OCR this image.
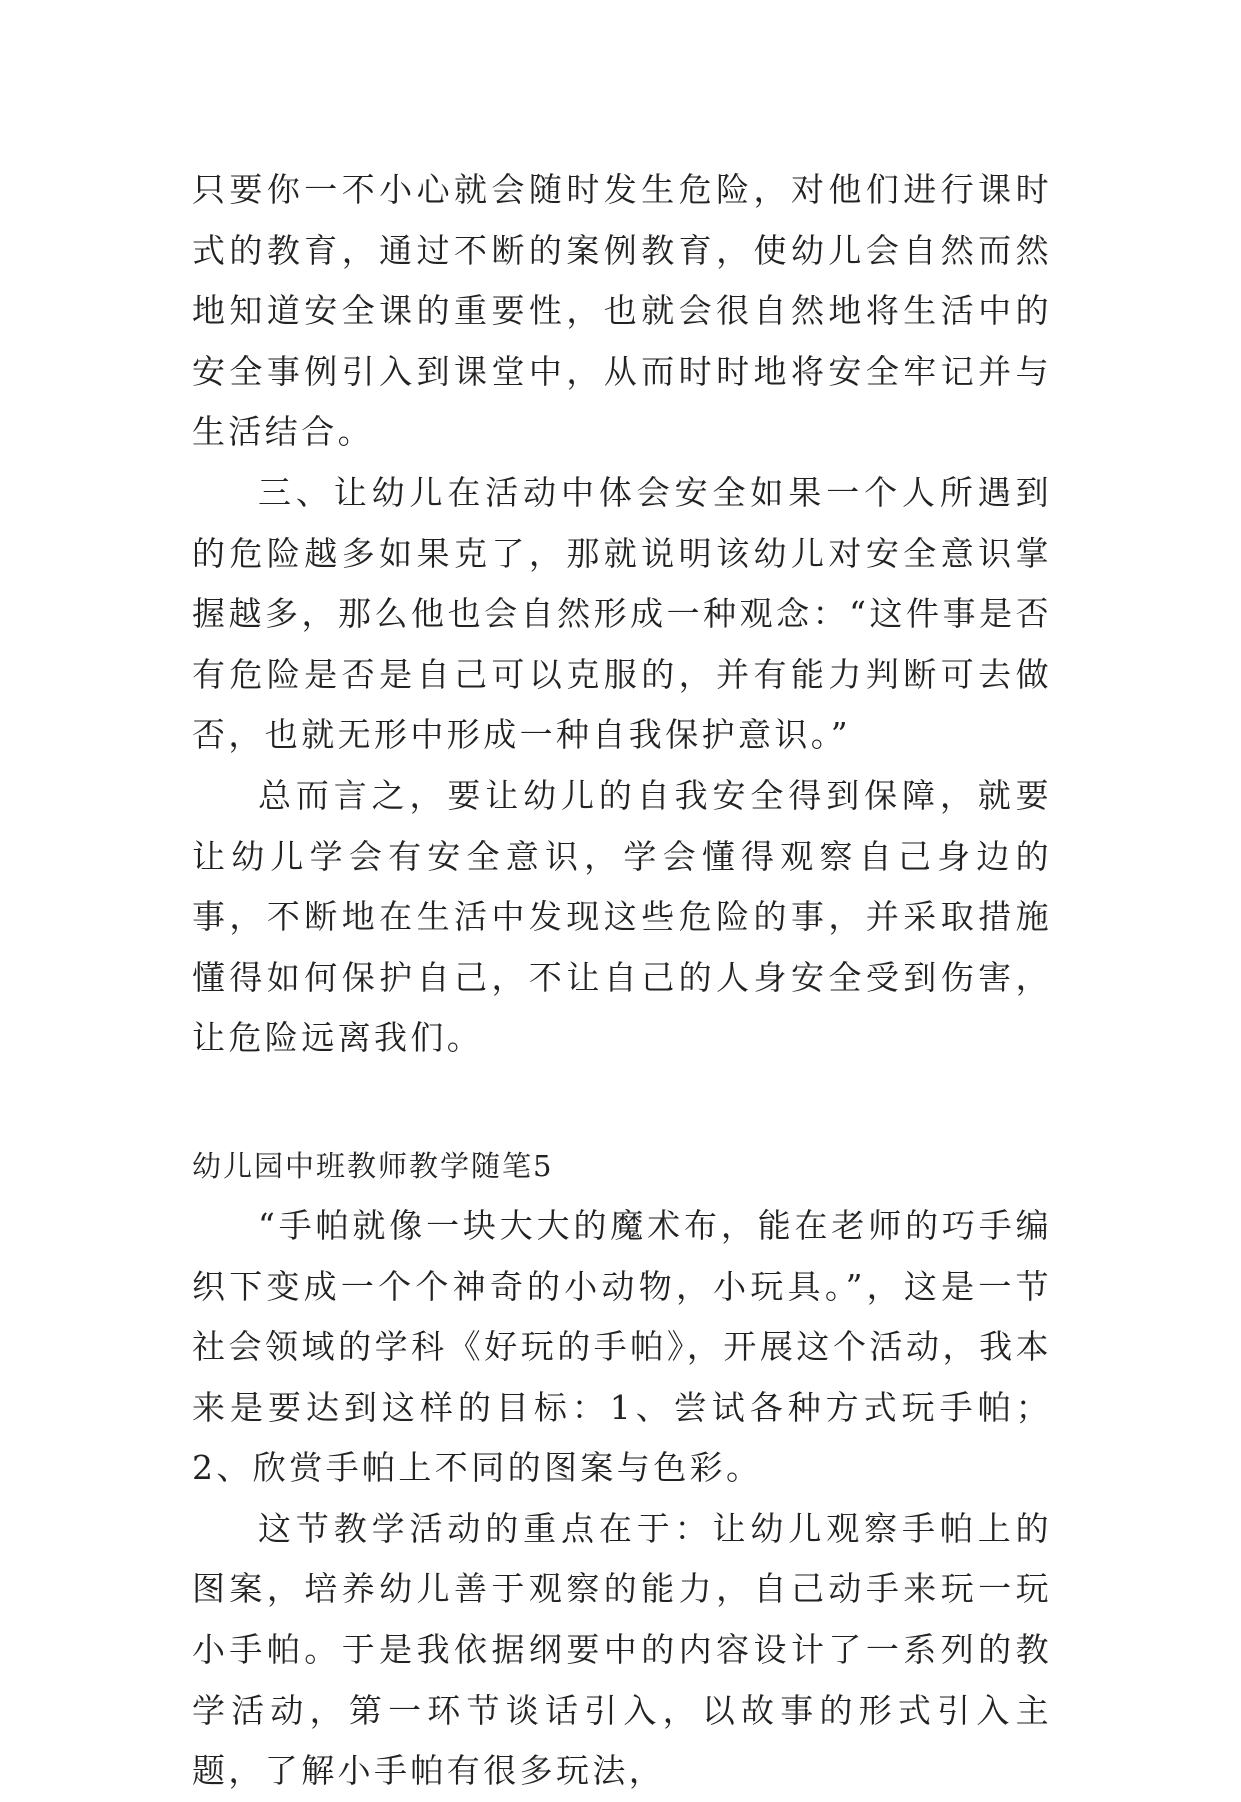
只要你一不小心就会随时发生危险，对他们进行课时式的教育，通过不断的案例教育，使幼儿会自然而然地知道安全课的重要性，也就会很自然地将生活中的安全事例引入到课堂中，从而时时地将安全牢记并与生活结合。

三、让幼儿在活动中体会安全如果一个人所遇到的危险越多如果克了，那就说明该幼儿对安全意识掌握越多，那么他也会自然形成一种观念：“这件事是否有危险是否是自己可以克服的，并有能力判断可去做否，也就无形中形成一种自我保护意识。”

总而言之，要让幼儿的自我安全得到保障，就要让幼儿学会有安全意识，学会懂得观察自己身边的事，不断地在生活中发现这些危险的事，并采取措施懂得如何保护自己，不让自己的人身安全受到伤害，让危险远离我们。

幼儿园中班教师教学随笔5

“手帕就像一块大大的魔术布，能在老师的巧手编织下变成一个个神奇的小动物，小玩具。”，这是一节社会领域的学科《好玩的手帕》，开展这个活动，我本来是要达到这样的目标：1、尝试各种方式玩手帕；2、欣赏手帕上不同的图案与色彩。

这节教学活动的重点在于：让幼儿观察手帕上的图案，培养幼儿善于观察的能力，自己动手来玩一玩小手帕。于是我依据纲要中的内容设计了一系列的教学活动，第一环节谈话引入，以故事的形式引入主题，了解小手帕有很多玩法，
